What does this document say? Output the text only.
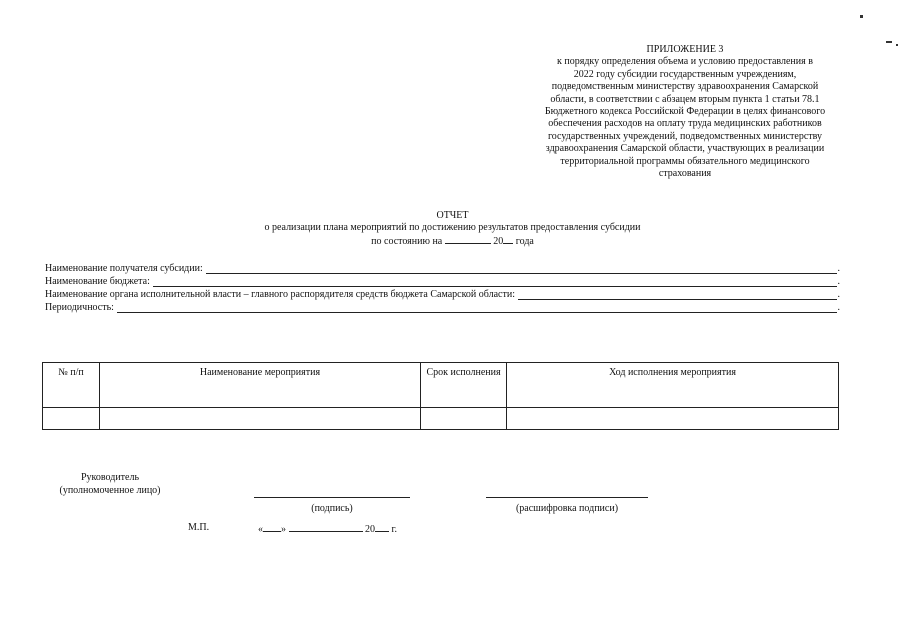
ПРИЛОЖЕНИЕ 3
к порядку определения объема и условию предоставления в
2022 году субсидии государственным учреждениям,
подведомственным министерству здравоохранения Самарской
области, в соответствии с абзацем вторым пункта 1 статьи 78.1
Бюджетного кодекса Российской Федерации в целях финансового
обеспечения расходов на оплату труда медицинских работников
государственных учреждений, подведомственных министерству
здравоохранения Самарской области, участвующих в реализации
территориальной программы обязательного медицинского
страхования
ОТЧЕТ
о реализации плана мероприятий по достижению результатов предоставления субсидии
по состоянию на	20 года
Наименование получателя субсидии:	.
Наименование бюджета:	.
Наименование органа исполнительной власти – главного распорядителя средств бюджета Самарской области:	.
Периодичность:	.
№ п/п	Наименование мероприятия	Срок исполнения	Ход исполнения мероприятия

Руководитель
(уполномоченное лицо)
(подпись)	(расшифровка подписи)
М.П.	« »	20 г.
